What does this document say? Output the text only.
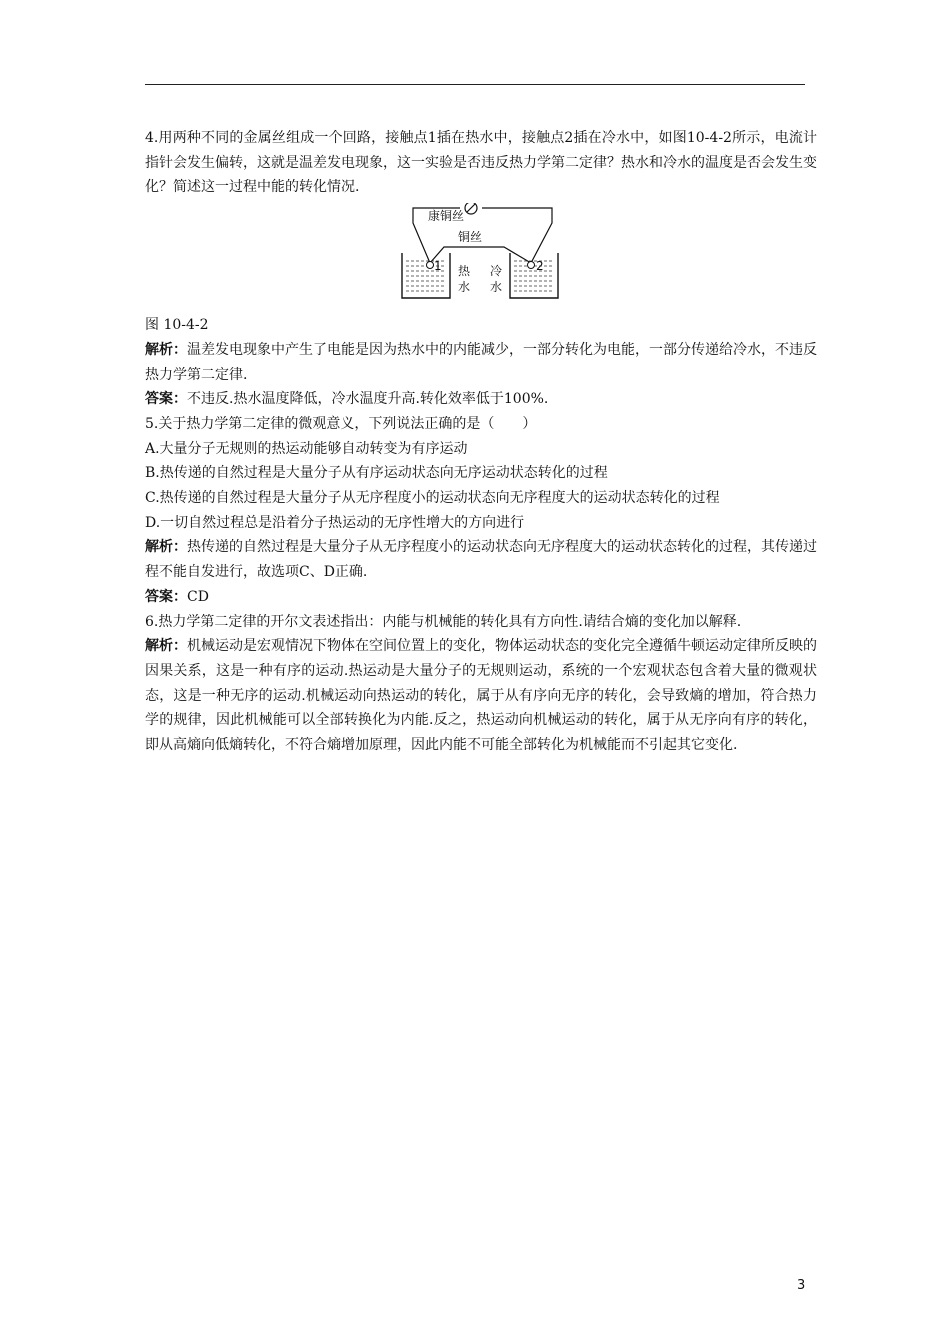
4.用两种不同的金属丝组成一个回路，接触点1插在热水中，接触点2插在冷水中，如图10-4-2所示，电流计指针会发生偏转，这就是温差发电现象，这一实验是否违反热力学第二定律？热水和冷水的温度是否会发生变化？简述这一过程中能的转化情况.

康铜丝
铜丝
1	2
热
水
冷
水

图 10-4-2

解析：温差发电现象中产生了电能是因为热水中的内能减少，一部分转化为电能，一部分传递给冷水，不违反热力学第二定律.

答案：不违反.热水温度降低，冷水温度升高.转化效率低于100%.

5.关于热力学第二定律的微观意义，下列说法正确的是（　　）

A.大量分子无规则的热运动能够自动转变为有序运动

B.热传递的自然过程是大量分子从有序运动状态向无序运动状态转化的过程

C.热传递的自然过程是大量分子从无序程度小的运动状态向无序程度大的运动状态转化的过程

D.一切自然过程总是沿着分子热运动的无序性增大的方向进行

解析：热传递的自然过程是大量分子从无序程度小的运动状态向无序程度大的运动状态转化的过程，其传递过程不能自发进行，故选项C、D正确.

答案：CD

6.热力学第二定律的开尔文表述指出：内能与机械能的转化具有方向性.请结合熵的变化加以解释.

解析：机械运动是宏观情况下物体在空间位置上的变化，物体运动状态的变化完全遵循牛顿运动定律所反映的因果关系，这是一种有序的运动.热运动是大量分子的无规则运动，系统的一个宏观状态包含着大量的微观状态，这是一种无序的运动.机械运动向热运动的转化，属于从有序向无序的转化，会导致熵的增加，符合热力学的规律，因此机械能可以全部转换化为内能.反之，热运动向机械运动的转化，属于从无序向有序的转化，即从高熵向低熵转化，不符合熵增加原理，因此内能不可能全部转化为机械能而不引起其它变化.

3
